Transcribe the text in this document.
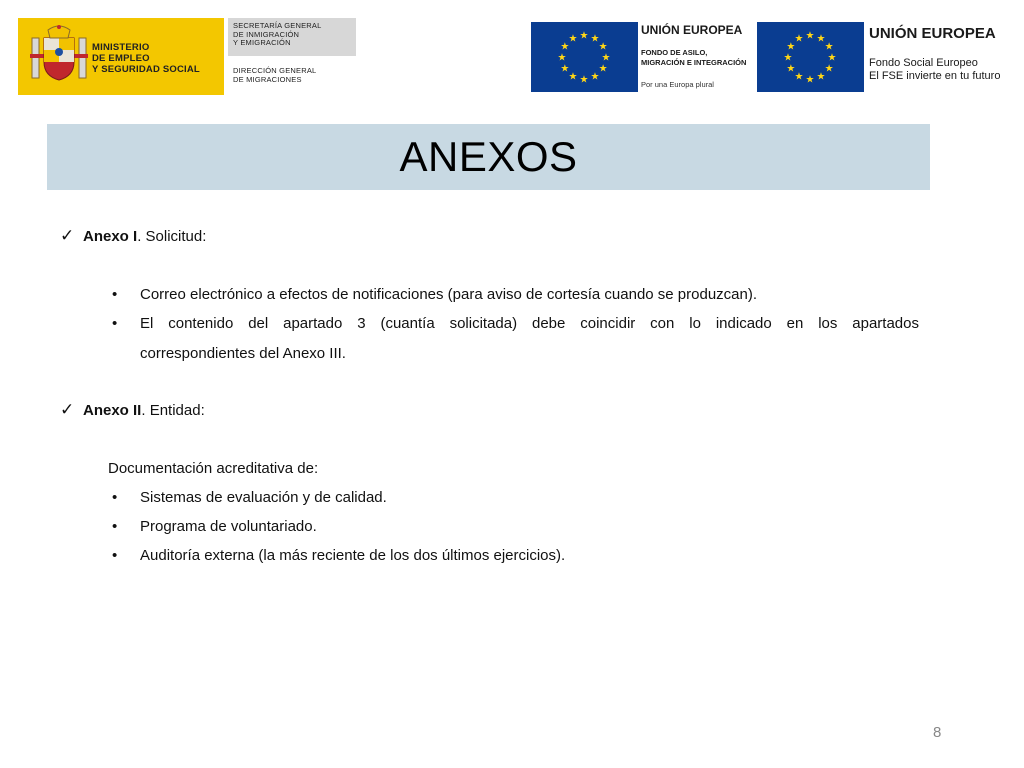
MINISTERIO
DE EMPLEO
Y SEGURIDAD SOCIAL
SECRETARÍA GENERAL
DE INMIGRACIÓN
Y EMIGRACIÓN
DIRECCIÓN GENERAL
DE MIGRACIONES
★ ★
★
★
★
★
★
★
★
★
★
★
UNIÓN EUROPEA
FONDO DE ASILO,
MIGRACIÓN E INTEGRACIÓN
Por una Europa plural
★ ★
★
★
★
★
★
★
★
★
★
★	UNIÓN EUROPEA
Fondo Social Europeo
El FSE invierte en tu futuro
ANEXOS
✓ Anexo I. Solicitud:
• Correo electrónico a efectos de notificaciones (para aviso de cortesía cuando se produzcan).
• El contenido del apartado 3 (cuantía solicitada) debe coincidir con lo indicado en los apartados
correspondientes del Anexo III.
✓ Anexo II. Entidad:
Documentación acreditativa de:
• Sistemas de evaluación y de calidad.
• Programa de voluntariado.
• Auditoría externa (la más reciente de los dos últimos ejercicios).
8
